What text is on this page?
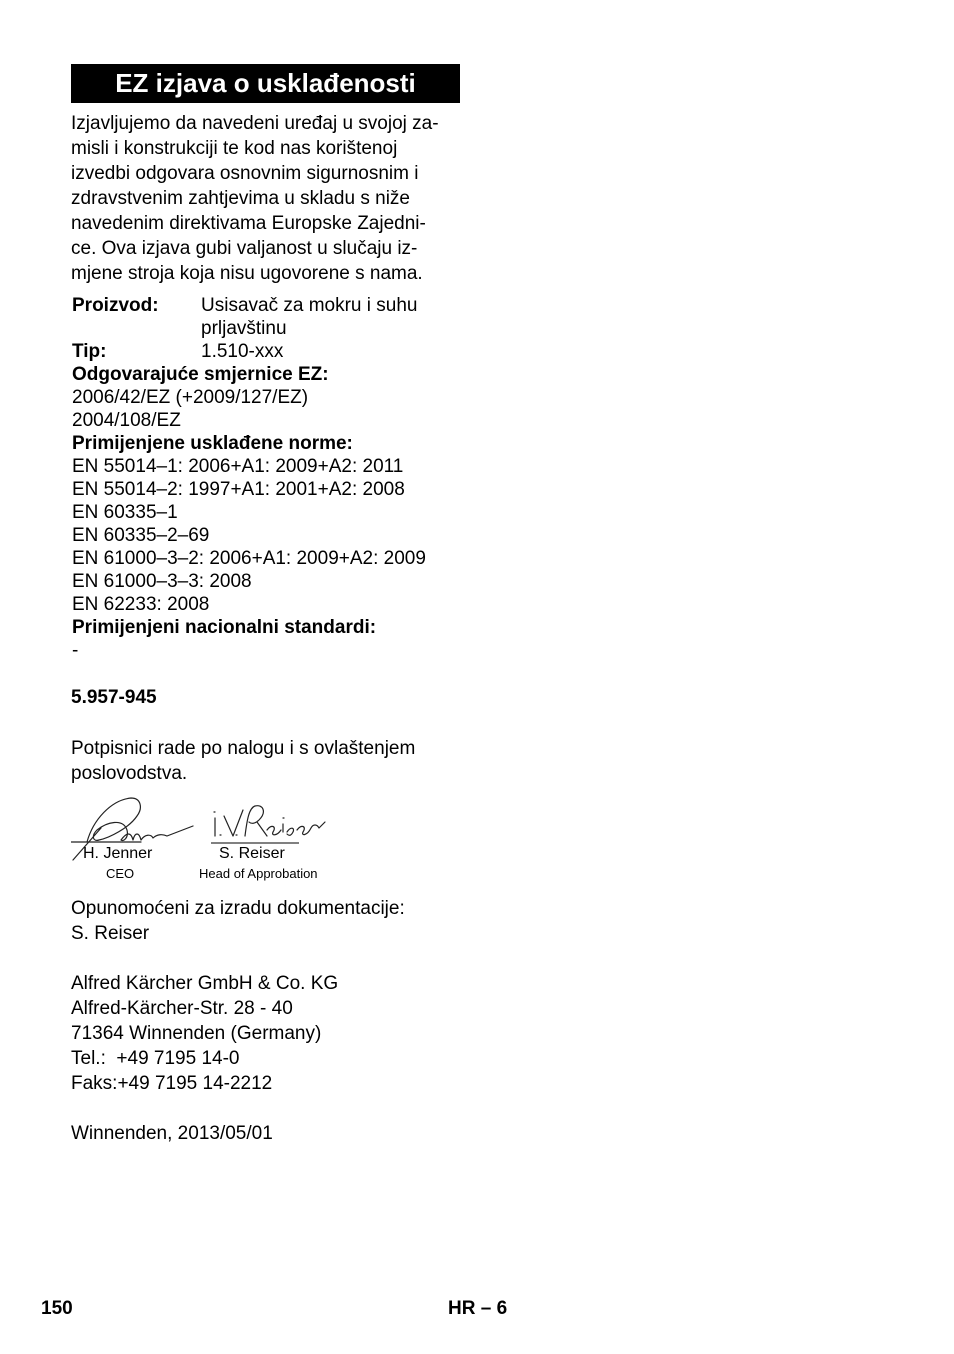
EZ izjava o usklađenosti
Izjavljujemo da navedeni uređaj u svojoj za-
misli i konstrukciji te kod nas korištenoj
izvedbi odgovara osnovnim sigurnosnim i
zdravstvenim zahtjevima u skladu s niže
navedenim direktivama Europske Zajedni-
ce. Ova izjava gubi valjanost u slučaju iz-
mjene stroja koja nisu ugovorene s nama.
Proizvod:	Usisavač za mokru i suhu
prljavštinu
Tip:	1.510-xxx
Odgovarajuće smjernice EZ:
2006/42/EZ (+2009/127/EZ)
2004/108/EZ
Primijenjene usklađene norme:
EN 55014–1: 2006+A1: 2009+A2: 2011
EN 55014–2: 1997+A1: 2001+A2: 2008
EN 60335–1
EN 60335–2–69
EN 61000–3–2: 2006+A1: 2009+A2: 2009
EN 61000–3–3: 2008
EN 62233: 2008
Primijenjeni nacionalni standardi:
-
5.957-945
Potpisnici rade po nalogu i s ovlaštenjem
poslovodstva.
H. Jenner	S. Reiser
CEO	Head of Approbation
Opunomoćeni za izradu dokumentacije:
S. Reiser
Alfred Kärcher GmbH & Co. KG
Alfred-Kärcher-Str. 28 - 40
71364 Winnenden (Germany)
Tel.:  +49 7195 14-0
Faks:+49 7195 14-2212
Winnenden, 2013/05/01
150	HR – 6
